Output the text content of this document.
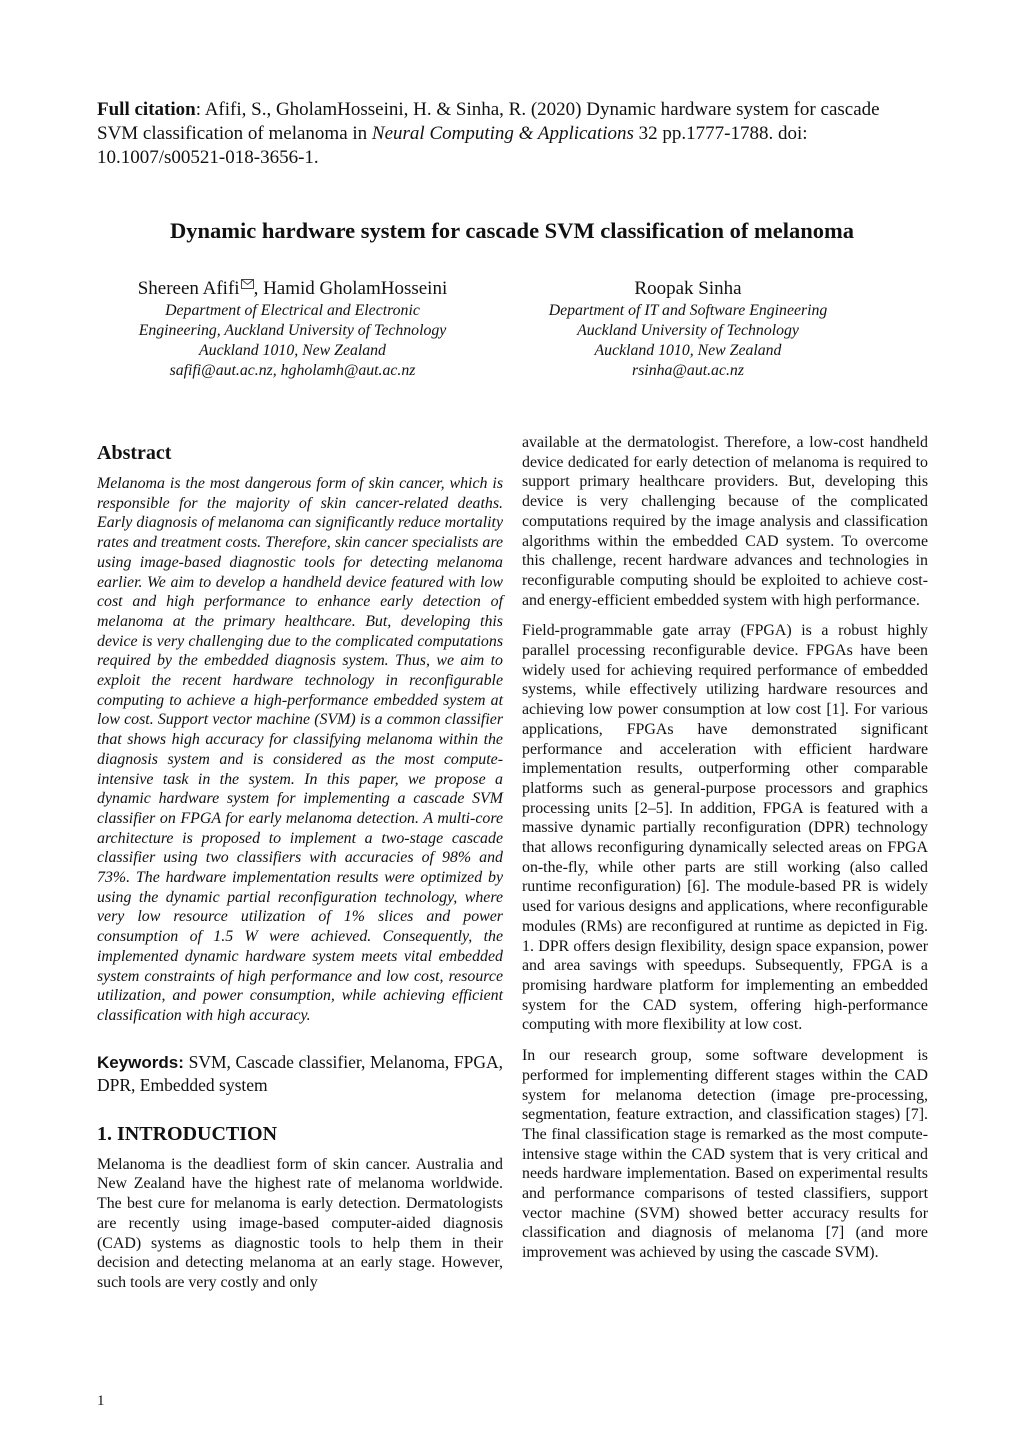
Full citation: Afifi, S., GholamHosseini, H. & Sinha, R. (2020) Dynamic hardware system for cascade SVM classification of melanoma in Neural Computing & Applications 32 pp.1777-1788. doi: 10.1007/s00521-018-3656-1.
Dynamic hardware system for cascade SVM classification of melanoma
Shereen Afifi , Hamid GholamHosseini
Department of Electrical and Electronic
Engineering, Auckland University of Technology
Auckland 1010, New Zealand
safifi@aut.ac.nz, hgholamh@aut.ac.nz
Roopak Sinha
Department of IT and Software Engineering
Auckland University of Technology
Auckland 1010, New Zealand
rsinha@aut.ac.nz
Abstract

Melanoma is the most dangerous form of skin cancer, which is responsible for the majority of skin cancer-related deaths. Early diagnosis of melanoma can significantly reduce mortality rates and treatment costs. Therefore, skin cancer specialists are using image-based diagnostic tools for detecting melanoma earlier. We aim to develop a handheld device featured with low cost and high performance to enhance early detection of melanoma at the primary healthcare. But, developing this device is very challenging due to the complicated computations required by the embedded diagnosis system. Thus, we aim to exploit the recent hardware technology in reconfigurable computing to achieve a high-performance embedded system at low cost. Support vector machine (SVM) is a common classifier that shows high accuracy for classifying melanoma within the diagnosis system and is considered as the most compute-intensive task in the system. In this paper, we propose a dynamic hardware system for implementing a cascade SVM classifier on FPGA for early melanoma detection. A multi-core architecture is proposed to implement a two-stage cascade classifier using two classifiers with accuracies of 98% and 73%. The hardware implementation results were optimized by using the dynamic partial reconfiguration technology, where very low resource utilization of 1% slices and power consumption of 1.5 W were achieved. Consequently, the implemented dynamic hardware system meets vital embedded system constraints of high performance and low cost, resource utilization, and power consumption, while achieving efficient classification with high accuracy.

Keywords: SVM, Cascade classifier, Melanoma, FPGA, DPR, Embedded system
1. INTRODUCTION

Melanoma is the deadliest form of skin cancer. Australia and New Zealand have the highest rate of melanoma worldwide. The best cure for melanoma is early detection. Dermatologists are recently using image-based computer-aided diagnosis (CAD) systems as diagnostic tools to help them in their decision and detecting melanoma at an early stage. However, such tools are very costly and only

available at the dermatologist. Therefore, a low-cost handheld device dedicated for early detection of melanoma is required to support primary healthcare providers. But, developing this device is very challenging because of the complicated computations required by the image analysis and classification algorithms within the embedded CAD system. To overcome this challenge, recent hardware advances and technologies in reconfigurable computing should be exploited to achieve cost- and energy-efficient embedded system with high performance.

Field-programmable gate array (FPGA) is a robust highly parallel processing reconfigurable device. FPGAs have been widely used for achieving required performance of embedded systems, while effectively utilizing hardware resources and achieving low power consumption at low cost [1]. For various applications, FPGAs have demonstrated significant performance and acceleration with efficient hardware implementation results, outperforming other comparable platforms such as general-purpose processors and graphics processing units [2–5]. In addition, FPGA is featured with a massive dynamic partially reconfiguration (DPR) technology that allows reconfiguring dynamically selected areas on FPGA on-the-fly, while other parts are still working (also called runtime reconfiguration) [6]. The module-based PR is widely used for various designs and applications, where reconfigurable modules (RMs) are reconfigured at runtime as depicted in Fig. 1. DPR offers design flexibility, design space expansion, power and area savings with speedups. Subsequently, FPGA is a promising hardware platform for implementing an embedded system for the CAD system, offering high-performance computing with more flexibility at low cost.

In our research group, some software development is performed for implementing different stages within the CAD system for melanoma detection (image pre-processing, segmentation, feature extraction, and classification stages) [7]. The final classification stage is remarked as the most compute-intensive stage within the CAD system that is very critical and needs hardware implementation. Based on experimental results and performance comparisons of tested classifiers, support vector machine (SVM) showed better accuracy results for classification and diagnosis of melanoma [7] (and more improvement was achieved by using the cascade SVM).

1
